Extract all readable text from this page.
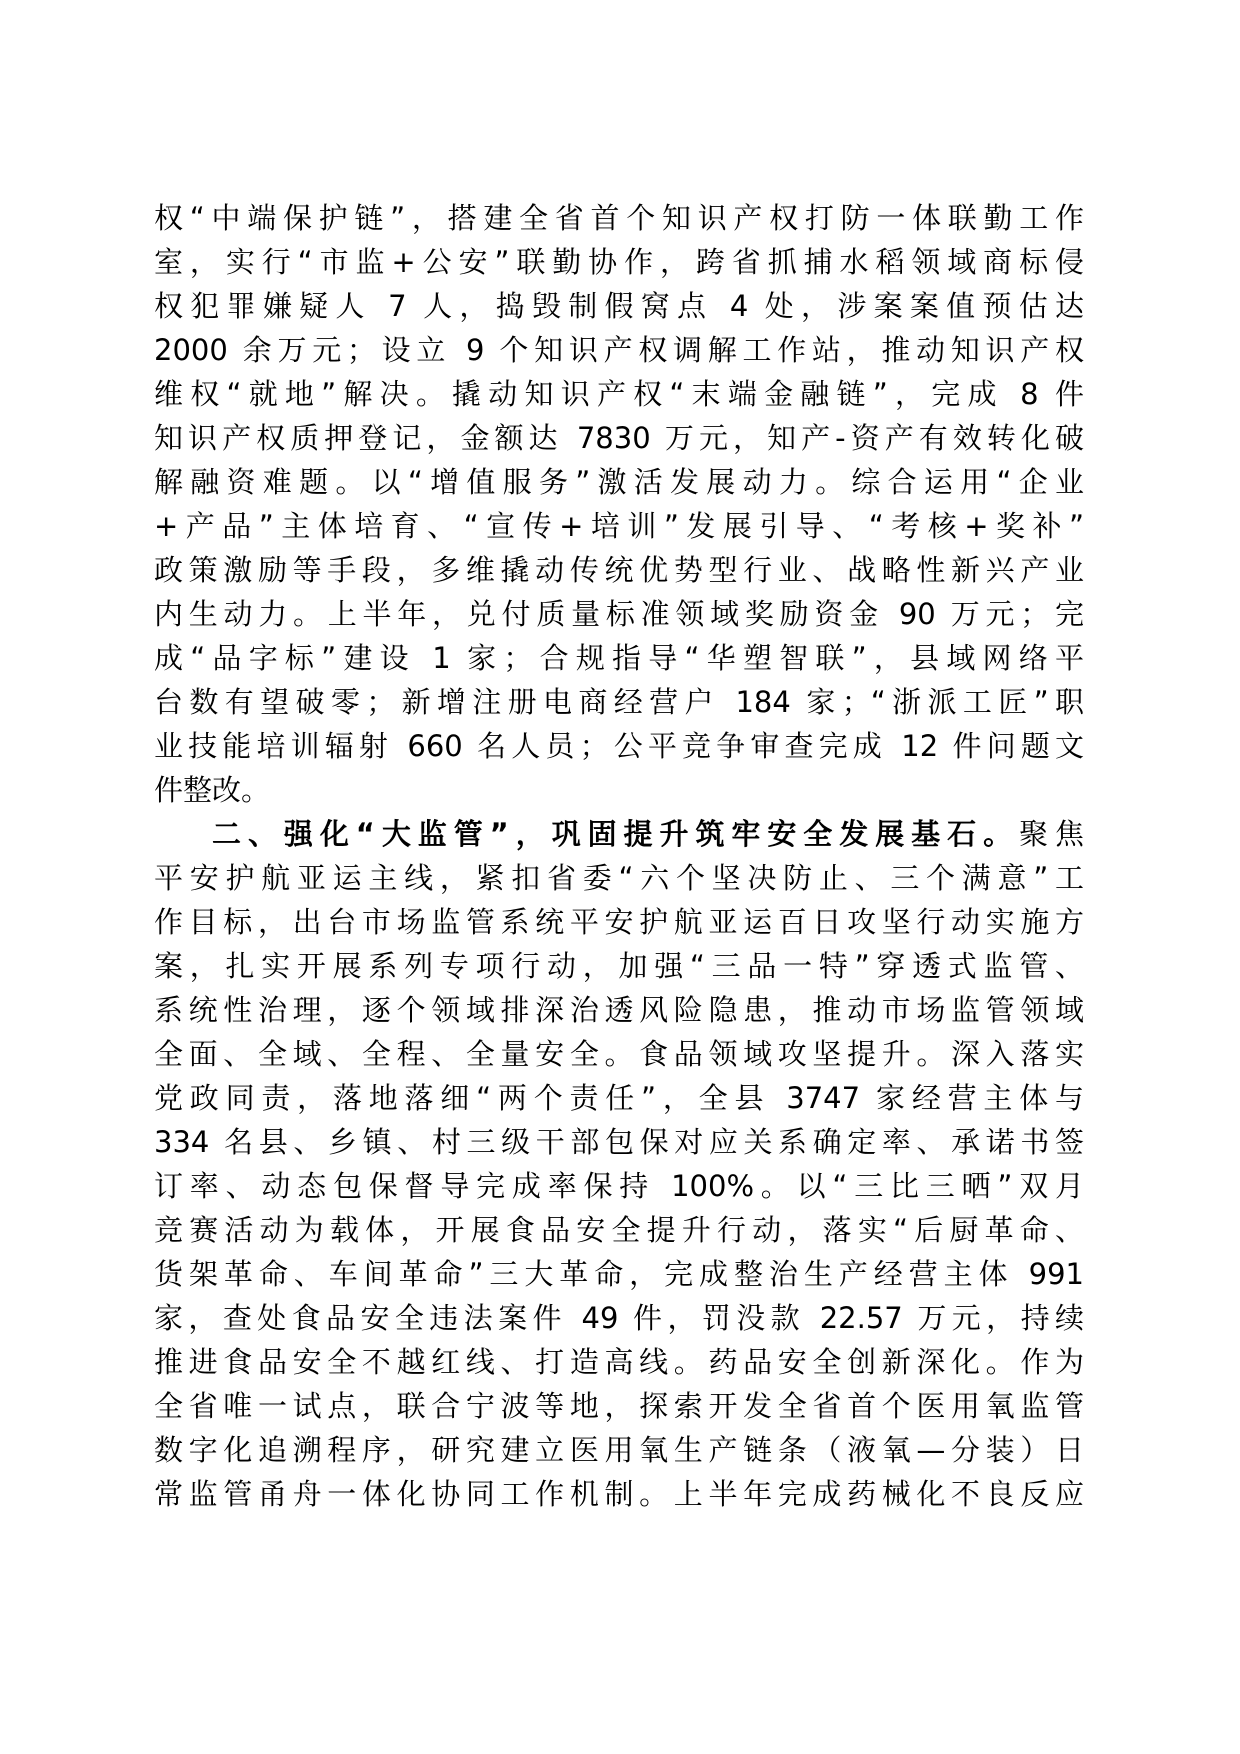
权“中端保护链”，搭建全省首个知识产权打防一体联勤工作
室，实行“市监+公安”联勤协作，跨省抓捕水稻领域商标侵
权犯罪嫌疑人 7 人，捣毁制假窝点 4 处，涉案案值预估达
2000 余万元；设立 9 个知识产权调解工作站，推动知识产权
维权“就地”解决。撬动知识产权“末端金融链”，完成 8 件
知识产权质押登记，金额达 7830 万元，知产-资产有效转化破
解融资难题。以“增值服务”激活发展动力。综合运用“企业
+产品”主体培育、“宣传+培训”发展引导、“考核+奖补”
政策激励等手段，多维撬动传统优势型行业、战略性新兴产业
内生动力。上半年，兑付质量标准领域奖励资金 90 万元；完
成“品字标”建设 1 家；合规指导“华塑智联”，县域网络平
台数有望破零；新增注册电商经营户 184 家；“浙派工匠”职
业技能培训辐射 660 名人员；公平竞争审查完成 12 件问题文
件整改。
二、强化“大监管”，巩固提升筑牢安全发展基石。聚焦
平安护航亚运主线，紧扣省委“六个坚决防止、三个满意”工
作目标，出台市场监管系统平安护航亚运百日攻坚行动实施方
案，扎实开展系列专项行动，加强“三品一特”穿透式监管、
系统性治理，逐个领域排深治透风险隐患，推动市场监管领域
全面、全域、全程、全量安全。食品领域攻坚提升。深入落实
党政同责，落地落细“两个责任”，全县 3747 家经营主体与
334 名县、乡镇、村三级干部包保对应关系确定率、承诺书签
订率、动态包保督导完成率保持 100%。以“三比三晒”双月
竞赛活动为载体，开展食品安全提升行动，落实“后厨革命、
货架革命、车间革命”三大革命，完成整治生产经营主体 991
家，查处食品安全违法案件 49 件，罚没款 22.57 万元，持续
推进食品安全不越红线、打造高线。药品安全创新深化。作为
全省唯一试点，联合宁波等地，探索开发全省首个医用氧监管
数字化追溯程序，研究建立医用氧生产链条（液氧—分装）日
常监管甬舟一体化协同工作机制。上半年完成药械化不良反应
